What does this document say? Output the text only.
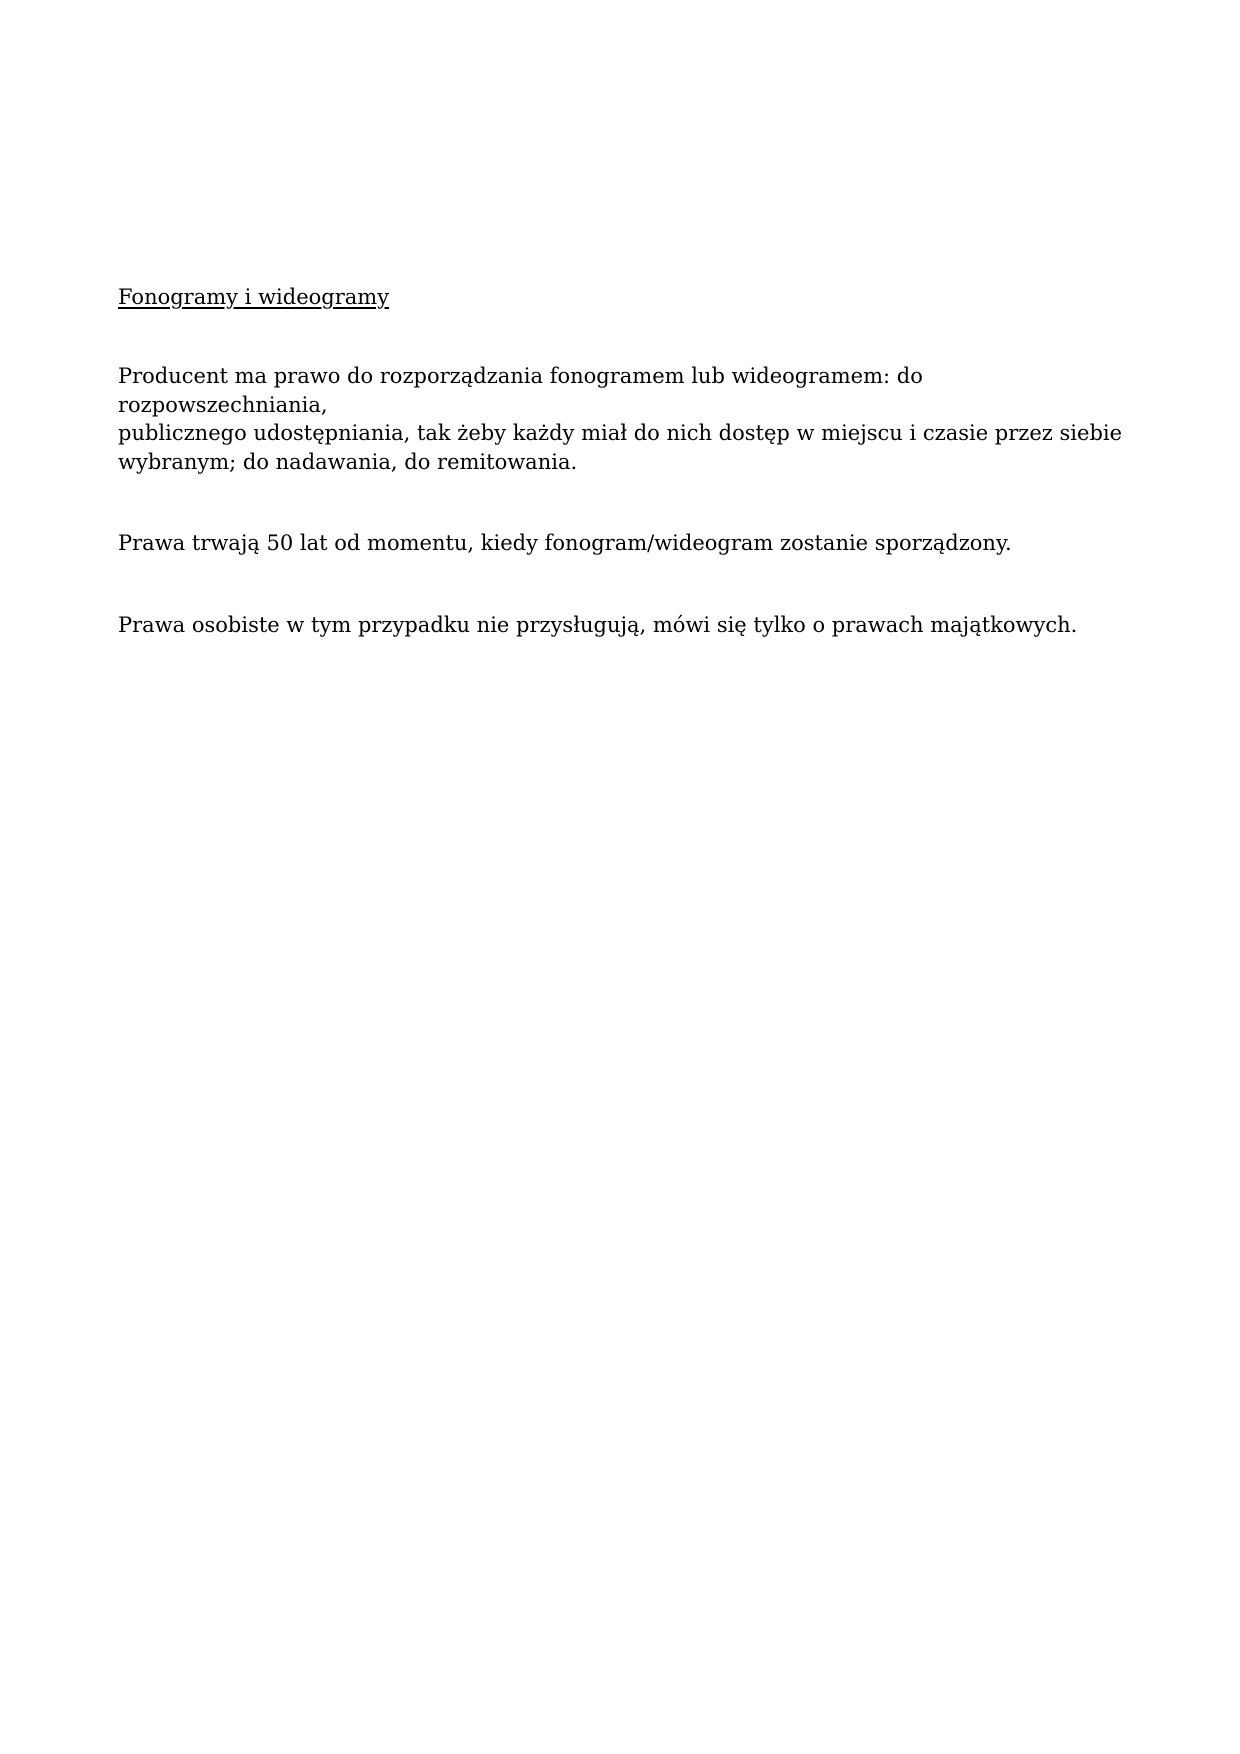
Fonogramy i wideogramy

Producent ma prawo do rozporządzania fonogramem lub wideogramem: do rozpowszechniania,
publicznego udostępniania, tak żeby każdy miał do nich dostęp w miejscu i czasie przez siebie
wybranym; do nadawania, do remitowania.

Prawa trwają 50 lat od momentu, kiedy fonogram/wideogram zostanie sporządzony.

Prawa osobiste w tym przypadku nie przysługują, mówi się tylko o prawach majątkowych.
